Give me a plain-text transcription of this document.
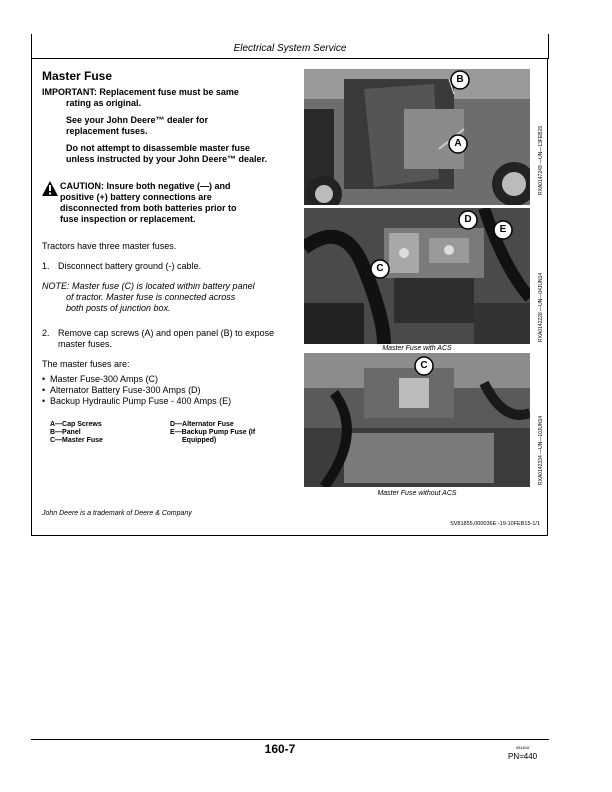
Electrical System Service
Master Fuse
IMPORTANT: Replacement fuse must be same
rating as original.
See your John Deere™ dealer for
replacement fuses.
Do not attempt to disassemble master fuse
unless instructed by your John Deere™ dealer.
CAUTION: Insure both negative (—) and
positive (+) battery connections are
disconnected from both batteries prior to
fuse inspection or replacement.
Tractors have three master fuses.
1. Disconnect battery ground (-) cable.
NOTE: Master fuse (C) is located within battery panel
of tractor. Master fuse is connected across
both posts of junction box.
2. Remove cap screws (A) and open panel (B) to expose
master fuses.
The master fuses are:
• Master Fuse-300 Amps (C)
• Alternator Battery Fuse-300 Amps (D)
• Backup Hydraulic Pump Fuse - 400 Amps (E)
A—Cap Screws
B—Panel
C—Master Fuse
D—Alternator Fuse
E—Backup Pump Fuse (If
Equipped)
John Deere is a trademark of Deere & Company
SV81855,000036E -19-10FEB15-1/1
B
A	RXA0147249 —UN—13FEB15
D
E
C
Master Fuse with ACS
RXA0142228 —UN—04JUN14
C
Master Fuse without ACS
RXA0142334 —UN—10JUN14
160-7	081816
PN=440
